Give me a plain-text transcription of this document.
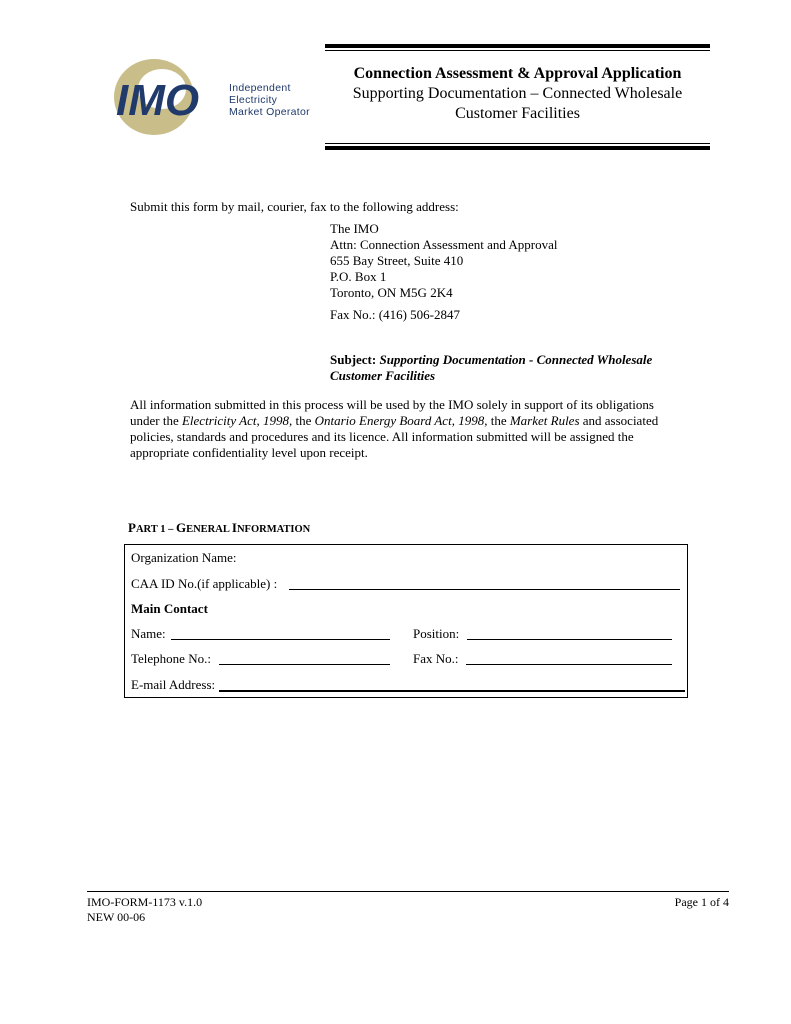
IMO	Independent
Electricity
Market Operator
Connection Assessment & Approval Application
Supporting Documentation – Connected Wholesale
Customer Facilities
Submit this form by mail, courier, fax to the following address:
The IMO
Attn: Connection Assessment and Approval
655 Bay Street, Suite 410
P.O. Box 1
Toronto, ON M5G 2K4
Fax No.: (416) 506-2847
Subject: Supporting Documentation - Connected Wholesale
Customer Facilities
All information submitted in this process will be used by the IMO solely in support of its obligations
under the Electricity Act, 1998, the Ontario Energy Board Act, 1998, the Market Rules and associated
policies, standards and procedures and its licence. All information submitted will be assigned the
appropriate confidentiality level upon receipt.
PART 1 – GENERAL INFORMATION
Organization Name:
CAA ID No.(if applicable) :
Main Contact
Name:	Position:
Telephone No.:	Fax No.:
E-mail Address:
IMO-FORM-1173 v.1.0
NEW 00-06
Page 1 of 4
